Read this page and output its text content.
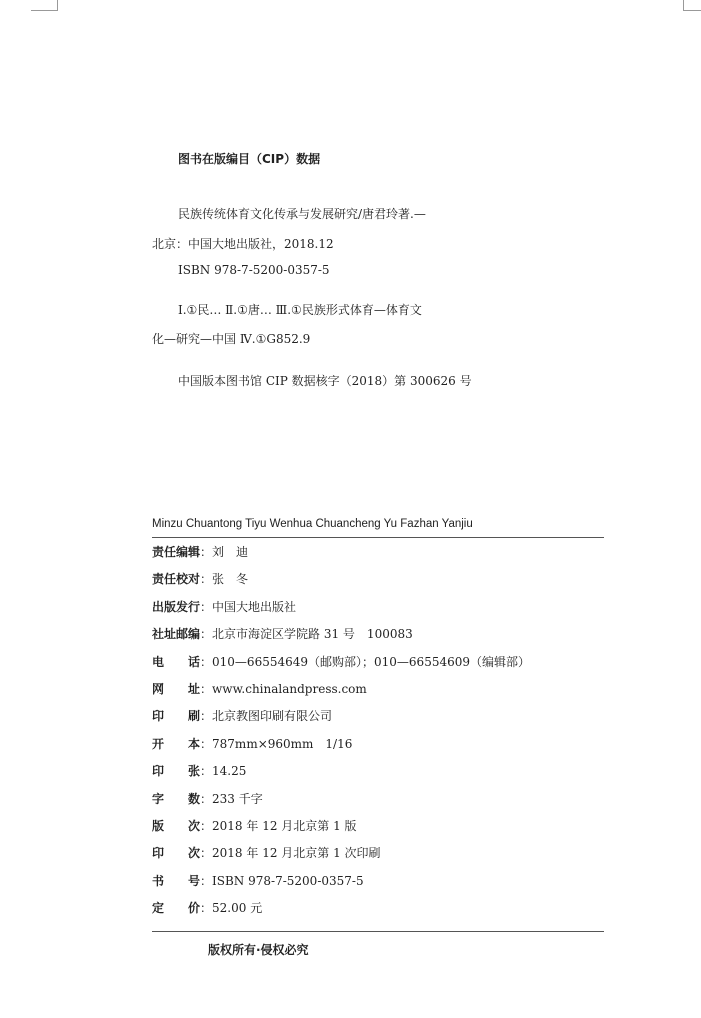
图书在版编目（CIP）数据
民族传统体育文化传承与发展研究/唐君玲著.—
北京：中国大地出版社，2018.12
ISBN 978-7-5200-0357-5
Ⅰ.①民… Ⅱ.①唐… Ⅲ.①民族形式体育—体育文
化—研究—中国 Ⅳ.①G852.9
中国版本图书馆 CIP 数据核字（2018）第 300626 号
Minzu Chuantong Tiyu Wenhua Chuancheng Yu Fazhan Yanjiu
责任编辑：刘　迪
责任校对：张　冬
出版发行：中国大地出版社
社址邮编：北京市海淀区学院路 31 号　100083
电　　话：010—66554649（邮购部）；010—66554609（编辑部）
网　　址：www.chinalandpress.com
印　　刷：北京教图印刷有限公司
开　　本：787mm×960mm　1/16
印　　张：14.25
字　　数：233 千字
版　　次：2018 年 12 月北京第 1 版
印　　次：2018 年 12 月北京第 1 次印刷
书　　号：ISBN 978-7-5200-0357-5
定　　价：52.00 元
版权所有·侵权必究
